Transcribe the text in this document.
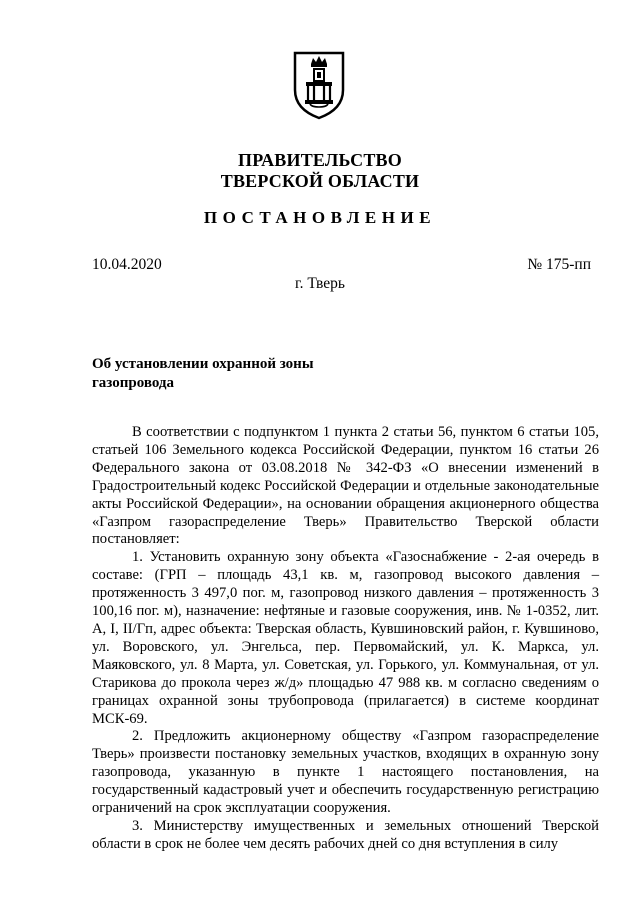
ПРАВИТЕЛЬСТВО
ТВЕРСКОЙ ОБЛАСТИ
ПОСТАНОВЛЕНИЕ
10.04.2020	№ 175-пп
г. Тверь
Об установлении охранной зоны газопровода

В соответствии с подпунктом 1 пункта 2 статьи 56, пунктом 6 статьи 105, статьей 106 Земельного кодекса Российской Федерации, пунктом 16 статьи 26 Федерального закона от 03.08.2018 № 342-ФЗ «О внесении изменений в Градостроительный кодекс Российской Федерации и отдельные законодательные акты Российской Федерации», на основании обращения акционерного общества «Газпром газораспределение Тверь» Правительство Тверской области постановляет:

1. Установить охранную зону объекта «Газоснабжение - 2-ая очередь в составе: (ГРП – площадь 43,1 кв. м, газопровод высокого давления – протяженность 3 497,0 пог. м, газопровод низкого давления – протяженность 3 100,16 пог. м), назначение: нефтяные и газовые сооружения, инв. № 1-0352, лит. А, I, II/Гп, адрес объекта: Тверская область, Кувшиновский район, г. Кувшиново, ул. Воровского, ул. Энгельса, пер. Первомайский, ул. К. Маркса, ул. Маяковского, ул. 8 Марта, ул. Советская, ул. Горького, ул. Коммунальная, от ул. Старикова до прокола через ж/д» площадью 47 988 кв. м согласно сведениям о границах охранной зоны трубопровода (прилагается) в системе координат МСК-69.

2. Предложить акционерному обществу «Газпром газораспределение Тверь» произвести постановку земельных участков, входящих в охранную зону газопровода, указанную в пункте 1 настоящего постановления, на государственный кадастровый учет и обеспечить государственную регистрацию ограничений на срок эксплуатации сооружения.

3. Министерству имущественных и земельных отношений Тверской области в срок не более чем десять рабочих дней со дня вступления в силу
